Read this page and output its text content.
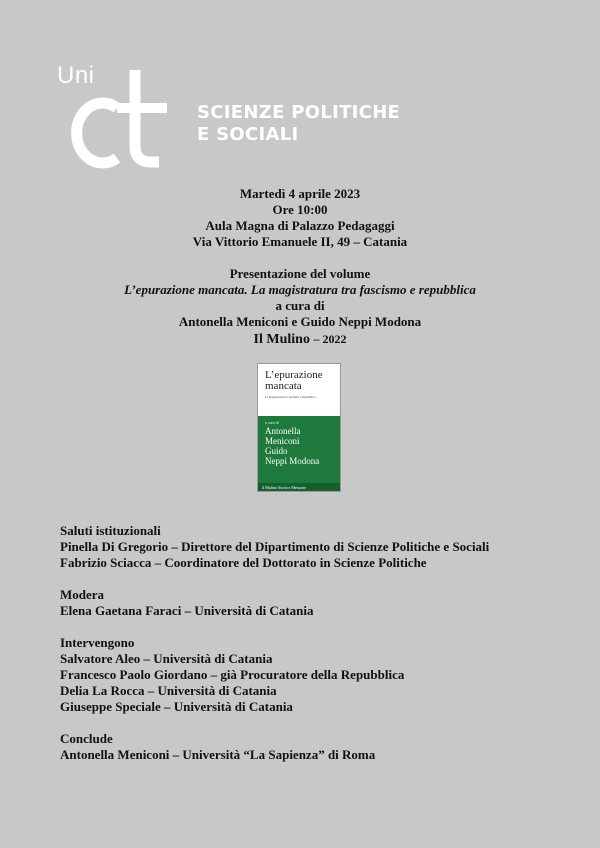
Uni
SCIENZE POLITICHE
E SOCIALI
Martedì 4 aprile 2023
Ore 10:00
Aula Magna di Palazzo Pedagaggi
Via Vittorio Emanuele II, 49 – Catania
Presentazione del volume
L’epurazione mancata. La magistratura tra fascismo e repubblica
a cura di
Antonella Meniconi e Guido Neppi Modona
Il Mulino – 2022
L’epurazione
mancata
La magistratura tra fascismo e Repubblica
a cura di
Antonella
Meniconi
Guido
Neppi Modona
il Mulino Storia e Memorie
Saluti istituzionali
Pinella Di Gregorio – Direttore del Dipartimento di Scienze Politiche e Sociali
Fabrizio Sciacca – Coordinatore del Dottorato in Scienze Politiche
Modera
Elena Gaetana Faraci – Università di Catania
Intervengono
Salvatore Aleo – Università di Catania
Francesco Paolo Giordano – già Procuratore della Repubblica
Delia La Rocca – Università di Catania
Giuseppe Speciale – Università di Catania
Conclude
Antonella Meniconi – Università “La Sapienza” di Roma
